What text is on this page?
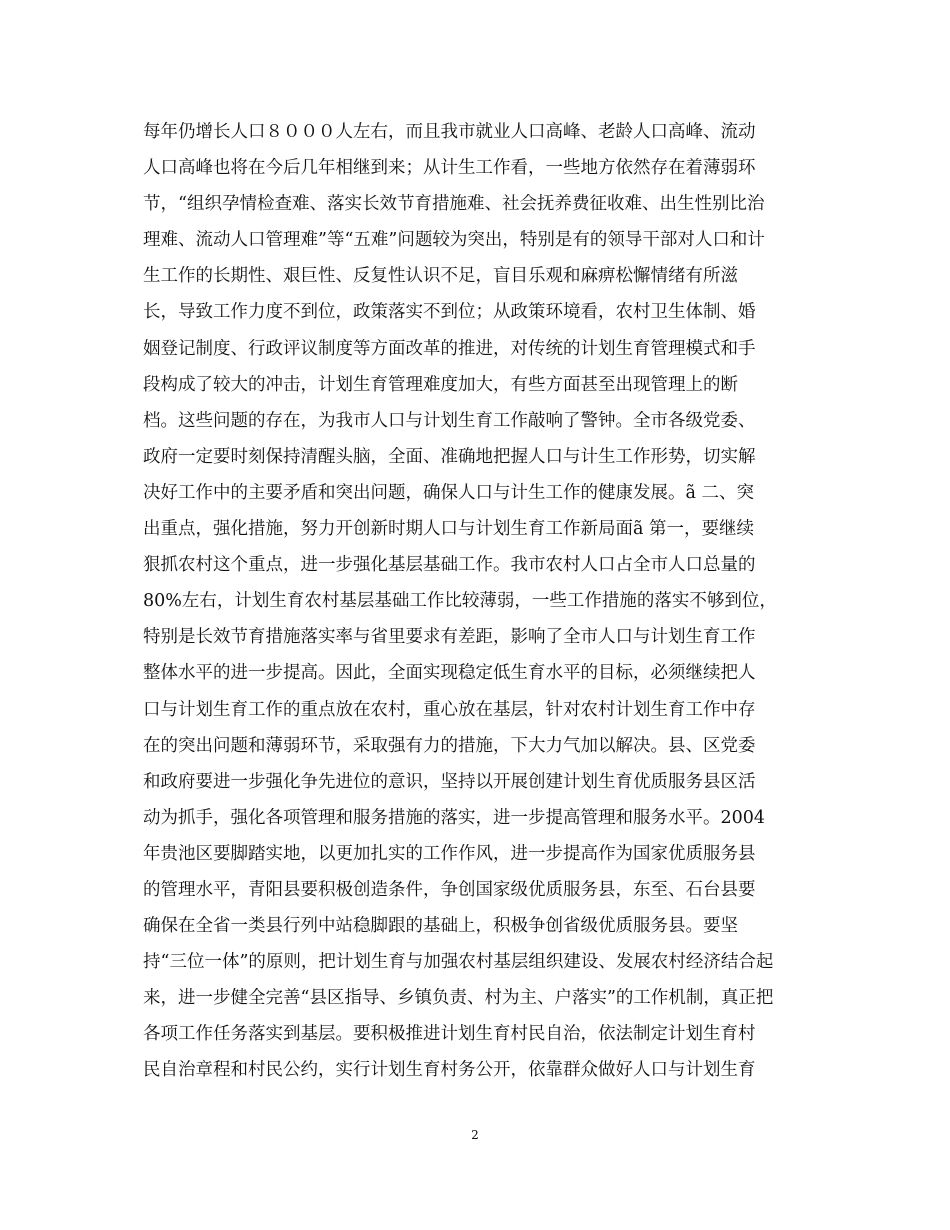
每年仍增长人口８０００人左右，而且我市就业人口高峰、老龄人口高峰、流动
人口高峰也将在今后几年相继到来；从计生工作看，一些地方依然存在着薄弱环
节，“组织孕情检查难、落实长效节育措施难、社会抚养费征收难、出生性别比治
理难、流动人口管理难”等“五难”问题较为突出，特别是有的领导干部对人口和计
生工作的长期性、艰巨性、反复性认识不足，盲目乐观和麻痹松懈情绪有所滋
长，导致工作力度不到位，政策落实不到位；从政策环境看，农村卫生体制、婚
姻登记制度、行政评议制度等方面改革的推进，对传统的计划生育管理模式和手
段构成了较大的冲击，计划生育管理难度加大，有些方面甚至出现管理上的断
档。这些问题的存在，为我市人口与计划生育工作敲响了警钟。全市各级党委、
政府一定要时刻保持清醒头脑，全面、准确地把握人口与计生工作形势，切实解
决好工作中的主要矛盾和突出问题，确保人口与计生工作的健康发展。ã 二、突
出重点，强化措施，努力开创新时期人口与计划生育工作新局面ã 第一，要继续
狠抓农村这个重点，进一步强化基层基础工作。我市农村人口占全市人口总量的
80%左右，计划生育农村基层基础工作比较薄弱，一些工作措施的落实不够到位，
特别是长效节育措施落实率与省里要求有差距，影响了全市人口与计划生育工作
整体水平的进一步提高。因此，全面实现稳定低生育水平的目标，必须继续把人
口与计划生育工作的重点放在农村，重心放在基层，针对农村计划生育工作中存
在的突出问题和薄弱环节，采取强有力的措施，下大力气加以解决。县、区党委
和政府要进一步强化争先进位的意识，坚持以开展创建计划生育优质服务县区活
动为抓手，强化各项管理和服务措施的落实，进一步提高管理和服务水平。2004
年贵池区要脚踏实地，以更加扎实的工作作风，进一步提高作为国家优质服务县
的管理水平，青阳县要积极创造条件，争创国家级优质服务县，东至、石台县要
确保在全省一类县行列中站稳脚跟的基础上，积极争创省级优质服务县。要坚
持“三位一体”的原则，把计划生育与加强农村基层组织建设、发展农村经济结合起
来，进一步健全完善“县区指导、乡镇负责、村为主、户落实”的工作机制，真正把
各项工作任务落实到基层。要积极推进计划生育村民自治，依法制定计划生育村
民自治章程和村民公约，实行计划生育村务公开，依靠群众做好人口与计划生育
2
